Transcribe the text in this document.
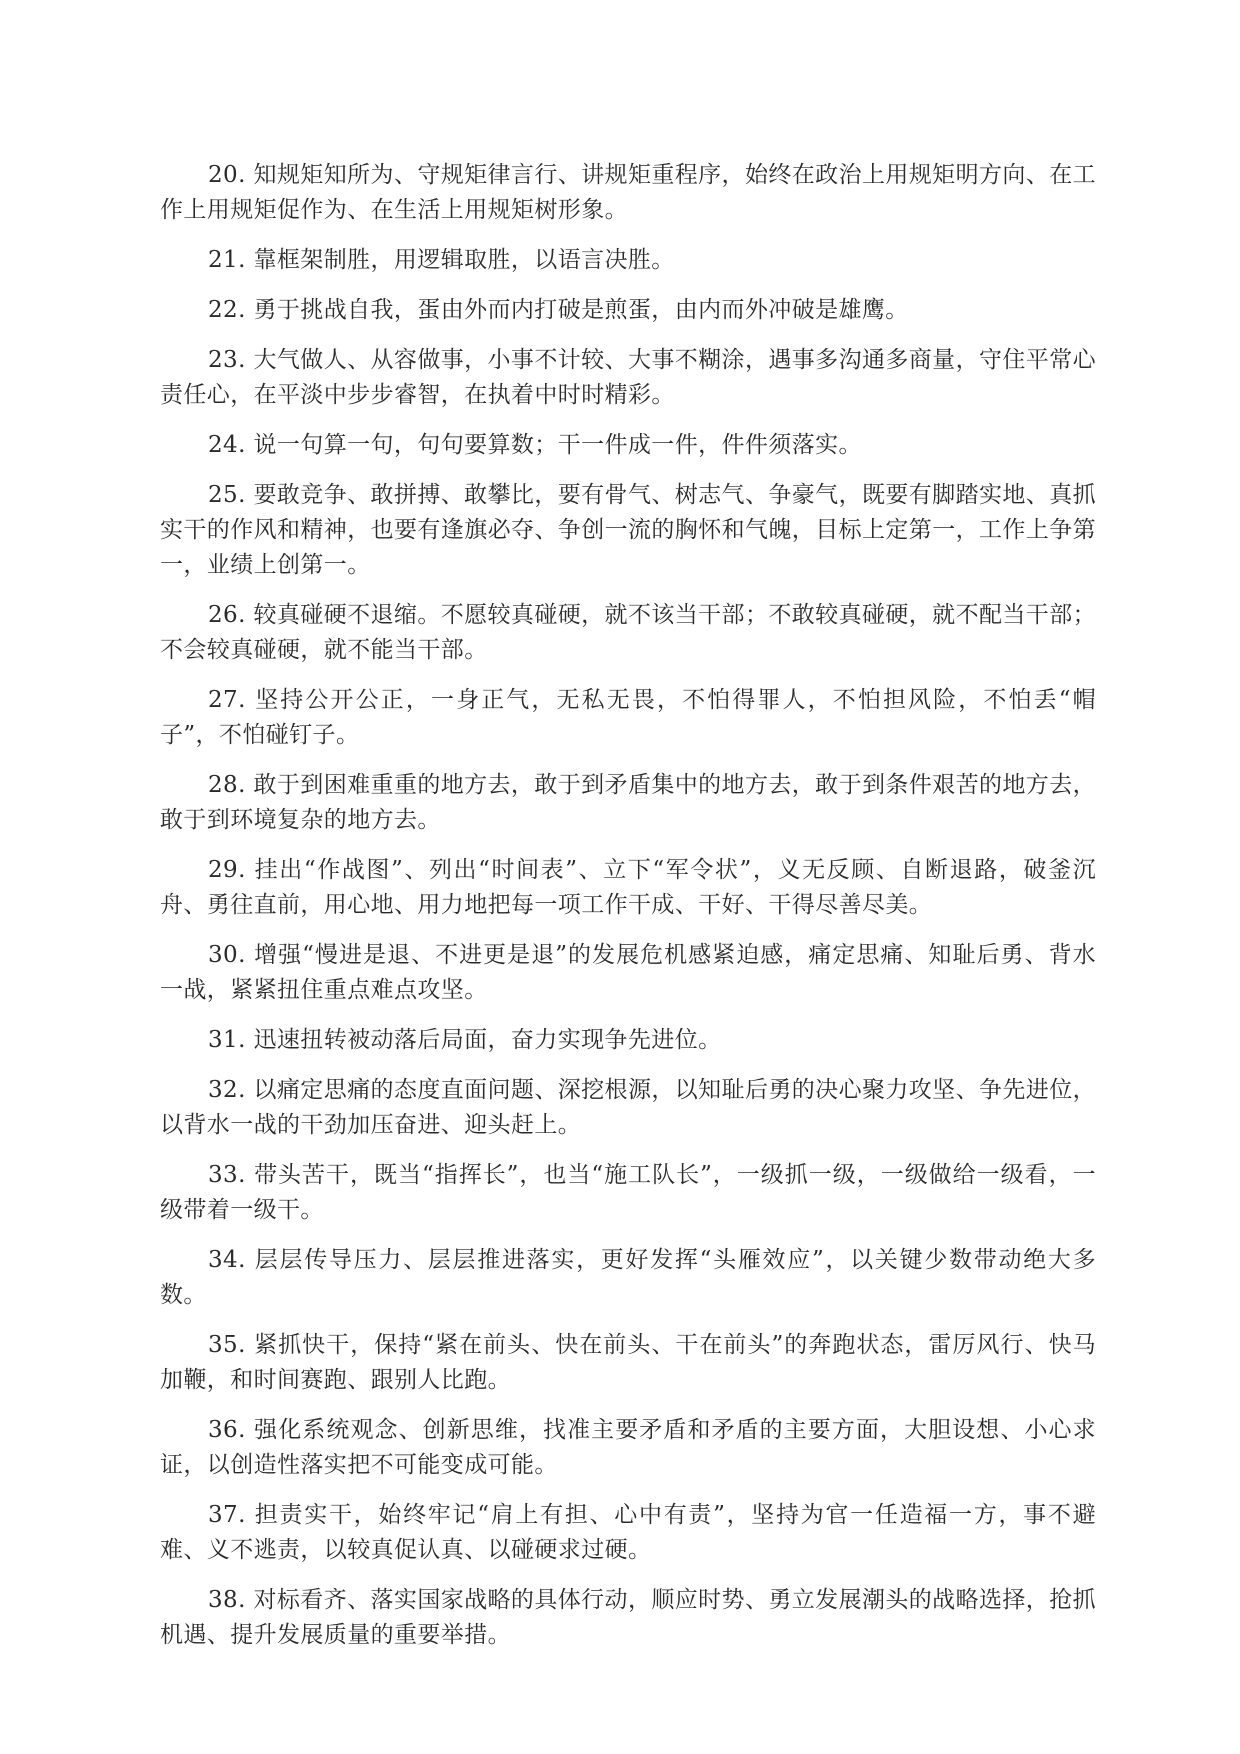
20. 知规矩知所为、守规矩律言行、讲规矩重程序，始终在政治上用规矩明方向、在工作上用规矩促作为、在生活上用规矩树形象。

21. 靠框架制胜，用逻辑取胜，以语言决胜。

22. 勇于挑战自我，蛋由外而内打破是煎蛋，由内而外冲破是雄鹰。

23. 大气做人、从容做事，小事不计较、大事不糊涂，遇事多沟通多商量，守住平常心责任心，在平淡中步步睿智，在执着中时时精彩。

24. 说一句算一句，句句要算数；干一件成一件，件件须落实。

25. 要敢竞争、敢拼搏、敢攀比，要有骨气、树志气、争豪气，既要有脚踏实地、真抓实干的作风和精神，也要有逢旗必夺、争创一流的胸怀和气魄，目标上定第一，工作上争第一，业绩上创第一。

26. 较真碰硬不退缩。不愿较真碰硬，就不该当干部；不敢较真碰硬，就不配当干部；不会较真碰硬，就不能当干部。

27. 坚持公开公正，一身正气，无私无畏，不怕得罪人，不怕担风险，不怕丢“帽子”，不怕碰钉子。

28. 敢于到困难重重的地方去，敢于到矛盾集中的地方去，敢于到条件艰苦的地方去，敢于到环境复杂的地方去。

29. 挂出“作战图”、列出“时间表”、立下“军令状”，义无反顾、自断退路，破釜沉舟、勇往直前，用心地、用力地把每一项工作干成、干好、干得尽善尽美。

30. 增强“慢进是退、不进更是退”的发展危机感紧迫感，痛定思痛、知耻后勇、背水一战，紧紧扭住重点难点攻坚。

31. 迅速扭转被动落后局面，奋力实现争先进位。

32. 以痛定思痛的态度直面问题、深挖根源，以知耻后勇的决心聚力攻坚、争先进位，以背水一战的干劲加压奋进、迎头赶上。

33. 带头苦干，既当“指挥长”，也当“施工队长”，一级抓一级，一级做给一级看，一级带着一级干。

34. 层层传导压力、层层推进落实，更好发挥“头雁效应”，以关键少数带动绝大多数。

35. 紧抓快干，保持“紧在前头、快在前头、干在前头”的奔跑状态，雷厉风行、快马加鞭，和时间赛跑、跟别人比跑。

36. 强化系统观念、创新思维，找准主要矛盾和矛盾的主要方面，大胆设想、小心求证，以创造性落实把不可能变成可能。

37. 担责实干，始终牢记“肩上有担、心中有责”，坚持为官一任造福一方，事不避难、义不逃责，以较真促认真、以碰硬求过硬。

38. 对标看齐、落实国家战略的具体行动，顺应时势、勇立发展潮头的战略选择，抢抓机遇、提升发展质量的重要举措。
